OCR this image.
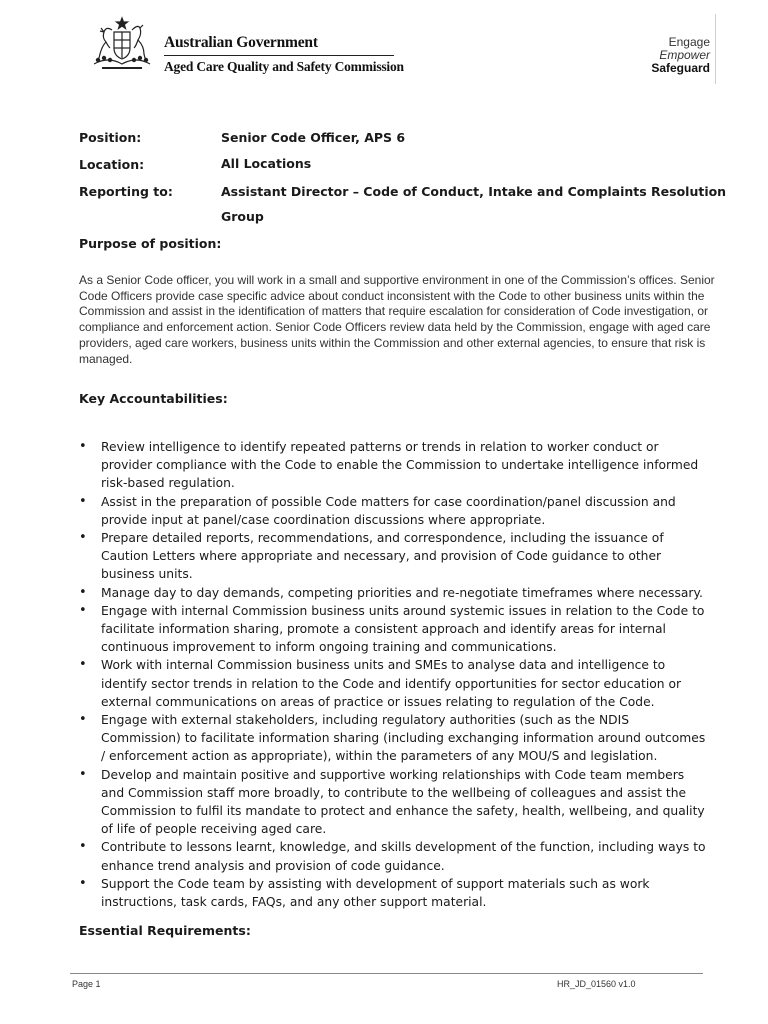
Australian Government
Aged Care Quality and Safety Commission
Engage
Empower
Safeguard
Position:	Senior Code Officer, APS 6
Location:	All Locations
Reporting to:	Assistant Director – Code of Conduct, Intake and Complaints Resolution
Group
Purpose of position:
As a Senior Code officer, you will work in a small and supportive environment in one of the Commission’s offices. Senior Code Officers provide case specific advice about conduct inconsistent with the Code to other business units within the Commission and assist in the identification of matters that require escalation for consideration of Code investigation, or compliance and enforcement action. Senior Code Officers review data held by the Commission, engage with aged care providers, aged care workers, business units within the Commission and other external agencies, to ensure that risk is managed.
Key Accountabilities:
• Review intelligence to identify repeated patterns or trends in relation to worker conduct or provider compliance with the Code to enable the Commission to undertake intelligence informed risk-based regulation.
• Assist in the preparation of possible Code matters for case coordination/panel discussion and provide input at panel/case coordination discussions where appropriate.
• Prepare detailed reports, recommendations, and correspondence, including the issuance of Caution Letters where appropriate and necessary, and provision of Code guidance to other business units.
• Manage day to day demands, competing priorities and re-negotiate timeframes where necessary.
• Engage with internal Commission business units around systemic issues in relation to the Code to facilitate information sharing, promote a consistent approach and identify areas for internal continuous improvement to inform ongoing training and communications.
• Work with internal Commission business units and SMEs to analyse data and intelligence to identify sector trends in relation to the Code and identify opportunities for sector education or external communications on areas of practice or issues relating to regulation of the Code.
• Engage with external stakeholders, including regulatory authorities (such as the NDIS Commission) to facilitate information sharing (including exchanging information around outcomes / enforcement action as appropriate), within the parameters of any MOU/S and legislation.
• Develop and maintain positive and supportive working relationships with Code team members and Commission staff more broadly, to contribute to the wellbeing of colleagues and assist the Commission to fulfil its mandate to protect and enhance the safety, health, wellbeing, and quality of life of people receiving aged care.
• Contribute to lessons learnt, knowledge, and skills development of the function, including ways to enhance trend analysis and provision of code guidance.
• Support the Code team by assisting with development of support materials such as work instructions, task cards, FAQs, and any other support material.
Essential Requirements:
Page 1	HR_JD_01560 v1.0
